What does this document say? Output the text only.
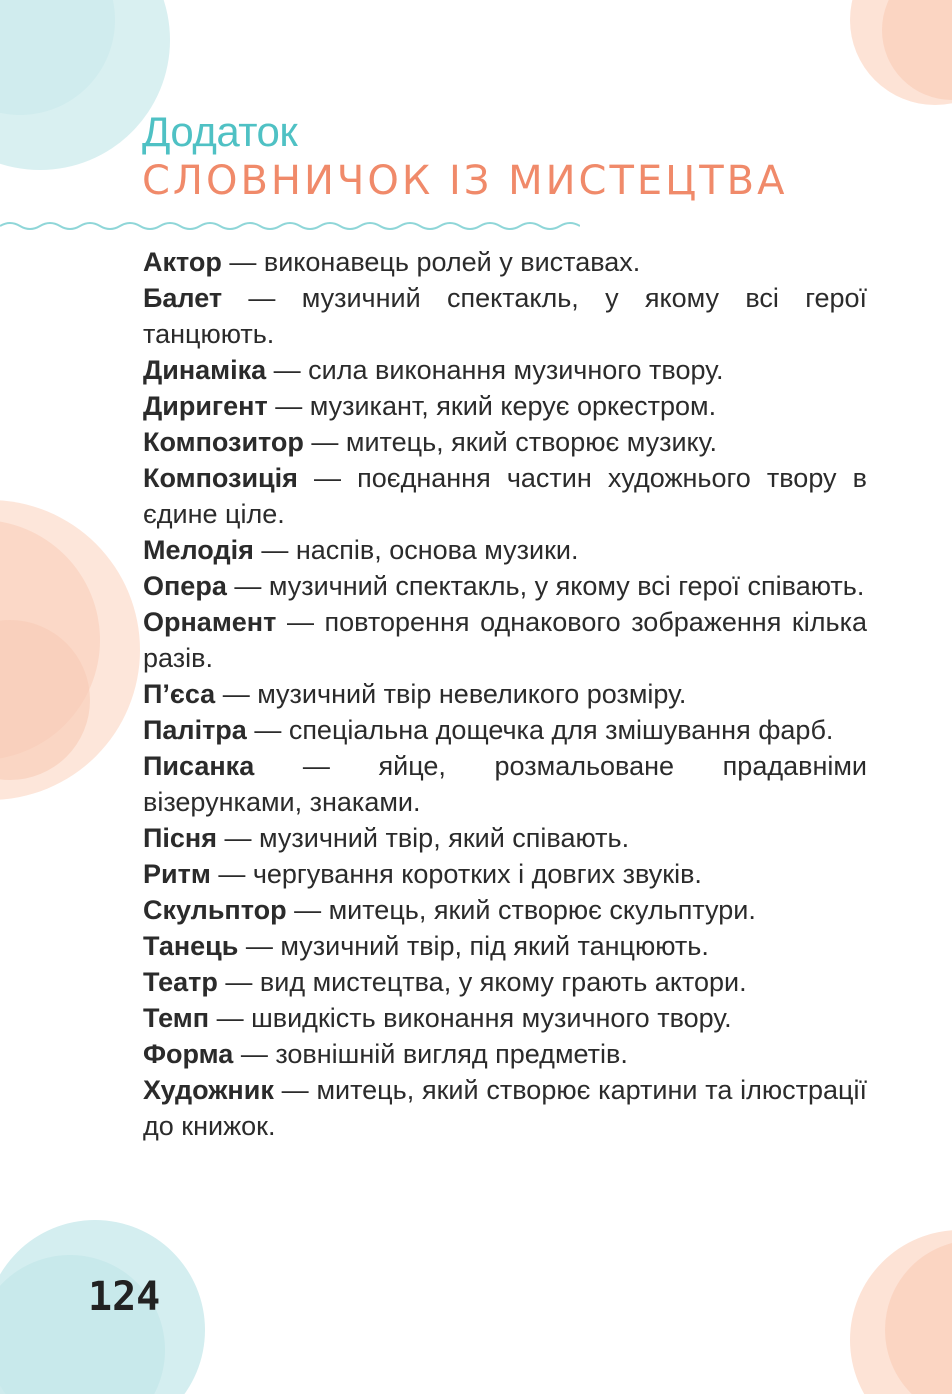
Додаток
СЛОВНИЧОК ІЗ МИСТЕЦТВА

Актор — виконавець ролей у виставах.

Балет — музичний спектакль, у якому всі герої танцюють.

Динаміка — сила виконання музичного твору.

Диригент — музикант, який керує оркестром.

Композитор — митець, який створює музику.

Композиція — поєднання частин художнього твору в єдине ціле.

Мелодія — наспів, основа музики.

Опера — музичний спектакль, у якому всі герої співають.

Орнамент — повторення однакового зображення кілька разів.

П’єса — музичний твір невеликого розміру.

Палітра — спеціальна дощечка для змішування фарб.

Писанка — яйце, розмальоване прадавніми візерунками, знаками.

Пісня — музичний твір, який співають.

Ритм — чергування коротких і довгих звуків.

Скульптор — митець, який створює скульптури.

Танець — музичний твір, під який танцюють.

Театр — вид мистецтва, у якому грають актори.

Темп — швидкість виконання музичного твору.

Форма — зовнішній вигляд предметів.

Художник — митець, який створює картини та ілюстрації до книжок.

124
